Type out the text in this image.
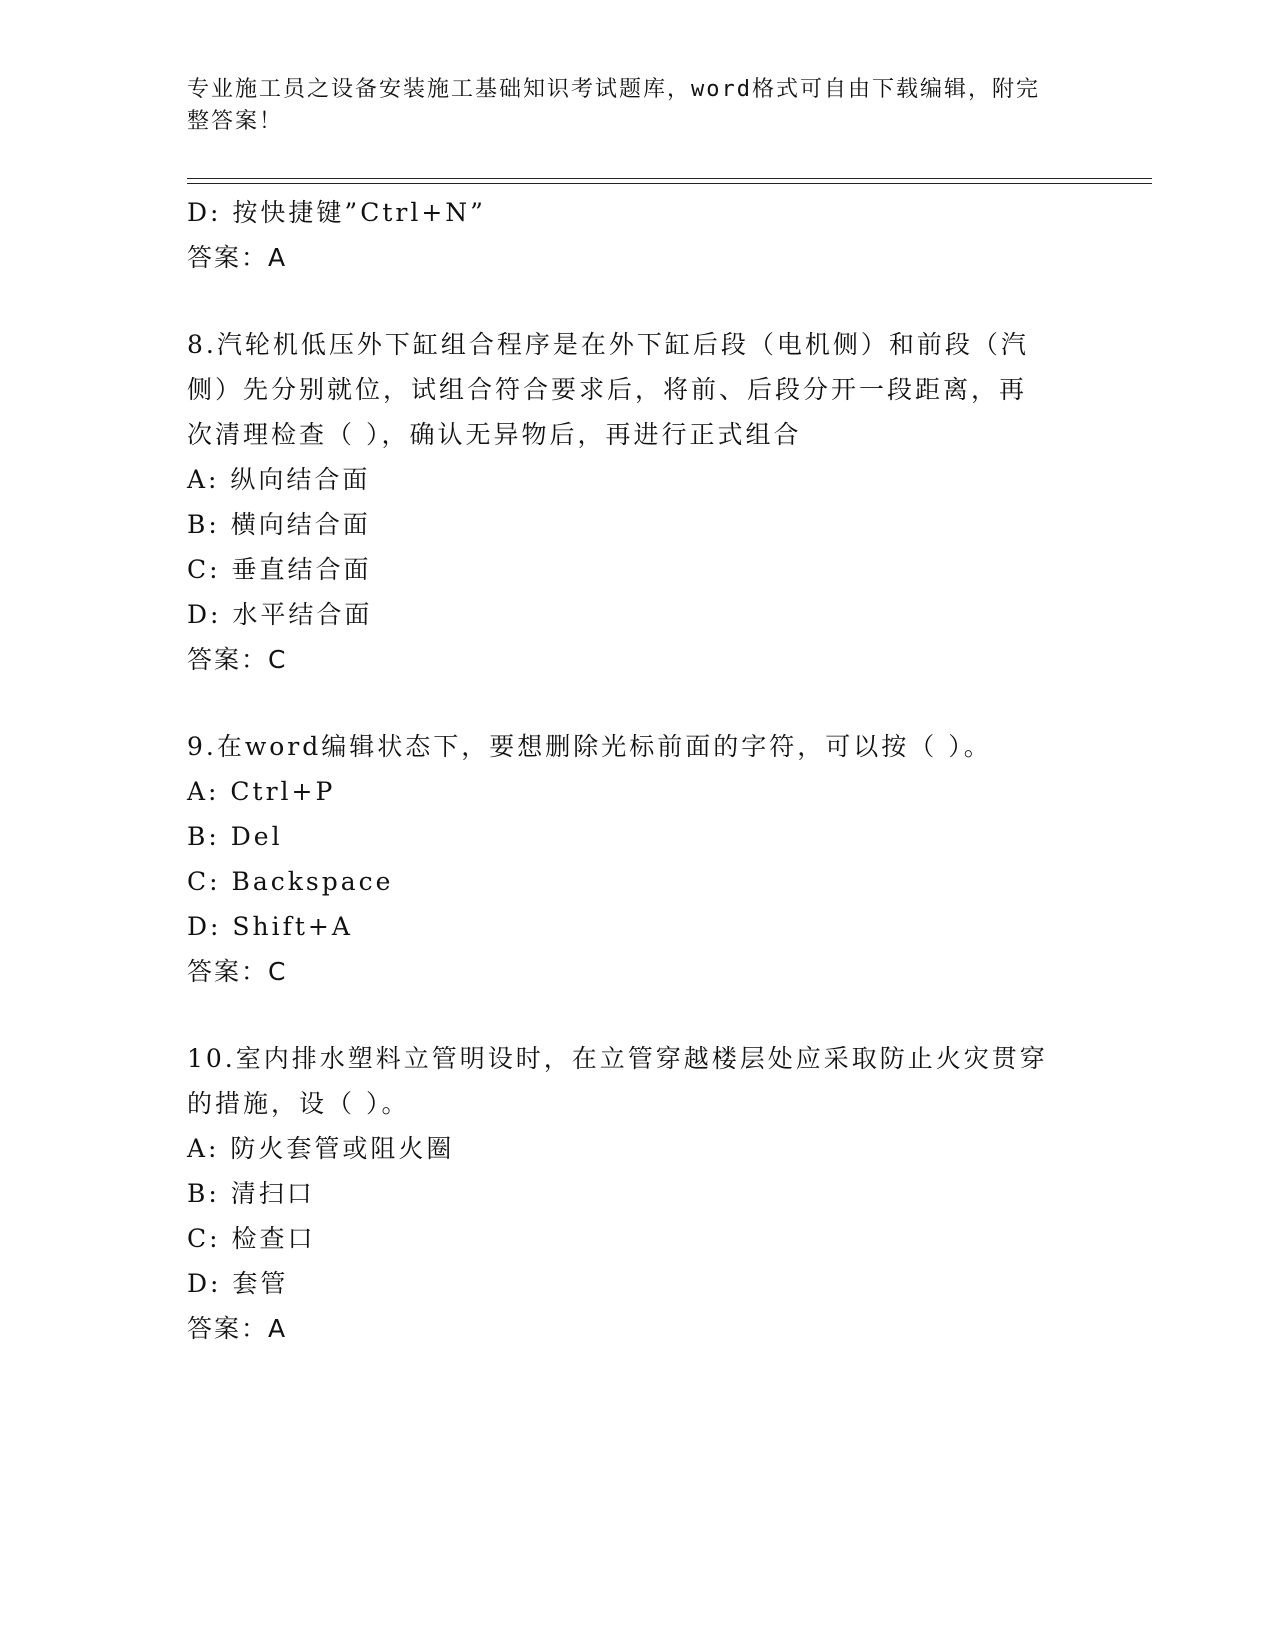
专业施工员之设备安装施工基础知识考试题库，word格式可自由下载编辑，附完
整答案！
D: 按快捷键”Ctrl+N”
答案：A
8.汽轮机低压外下缸组合程序是在外下缸后段（电机侧）和前段（汽
侧）先分别就位，试组合符合要求后，将前、后段分开一段距离，再
次清理检查（ ），确认无异物后，再进行正式组合
A: 纵向结合面
B: 横向结合面
C: 垂直结合面
D: 水平结合面
答案：C
9.在word编辑状态下，要想删除光标前面的字符，可以按（ ）。
A: Ctrl+P
B: Del
C: Backspace
D: Shift+A
答案：C
10.室内排水塑料立管明设时，在立管穿越楼层处应采取防止火灾贯穿
的措施，设（ ）。
A: 防火套管或阻火圈
B: 清扫口
C: 检查口
D: 套管
答案：A
